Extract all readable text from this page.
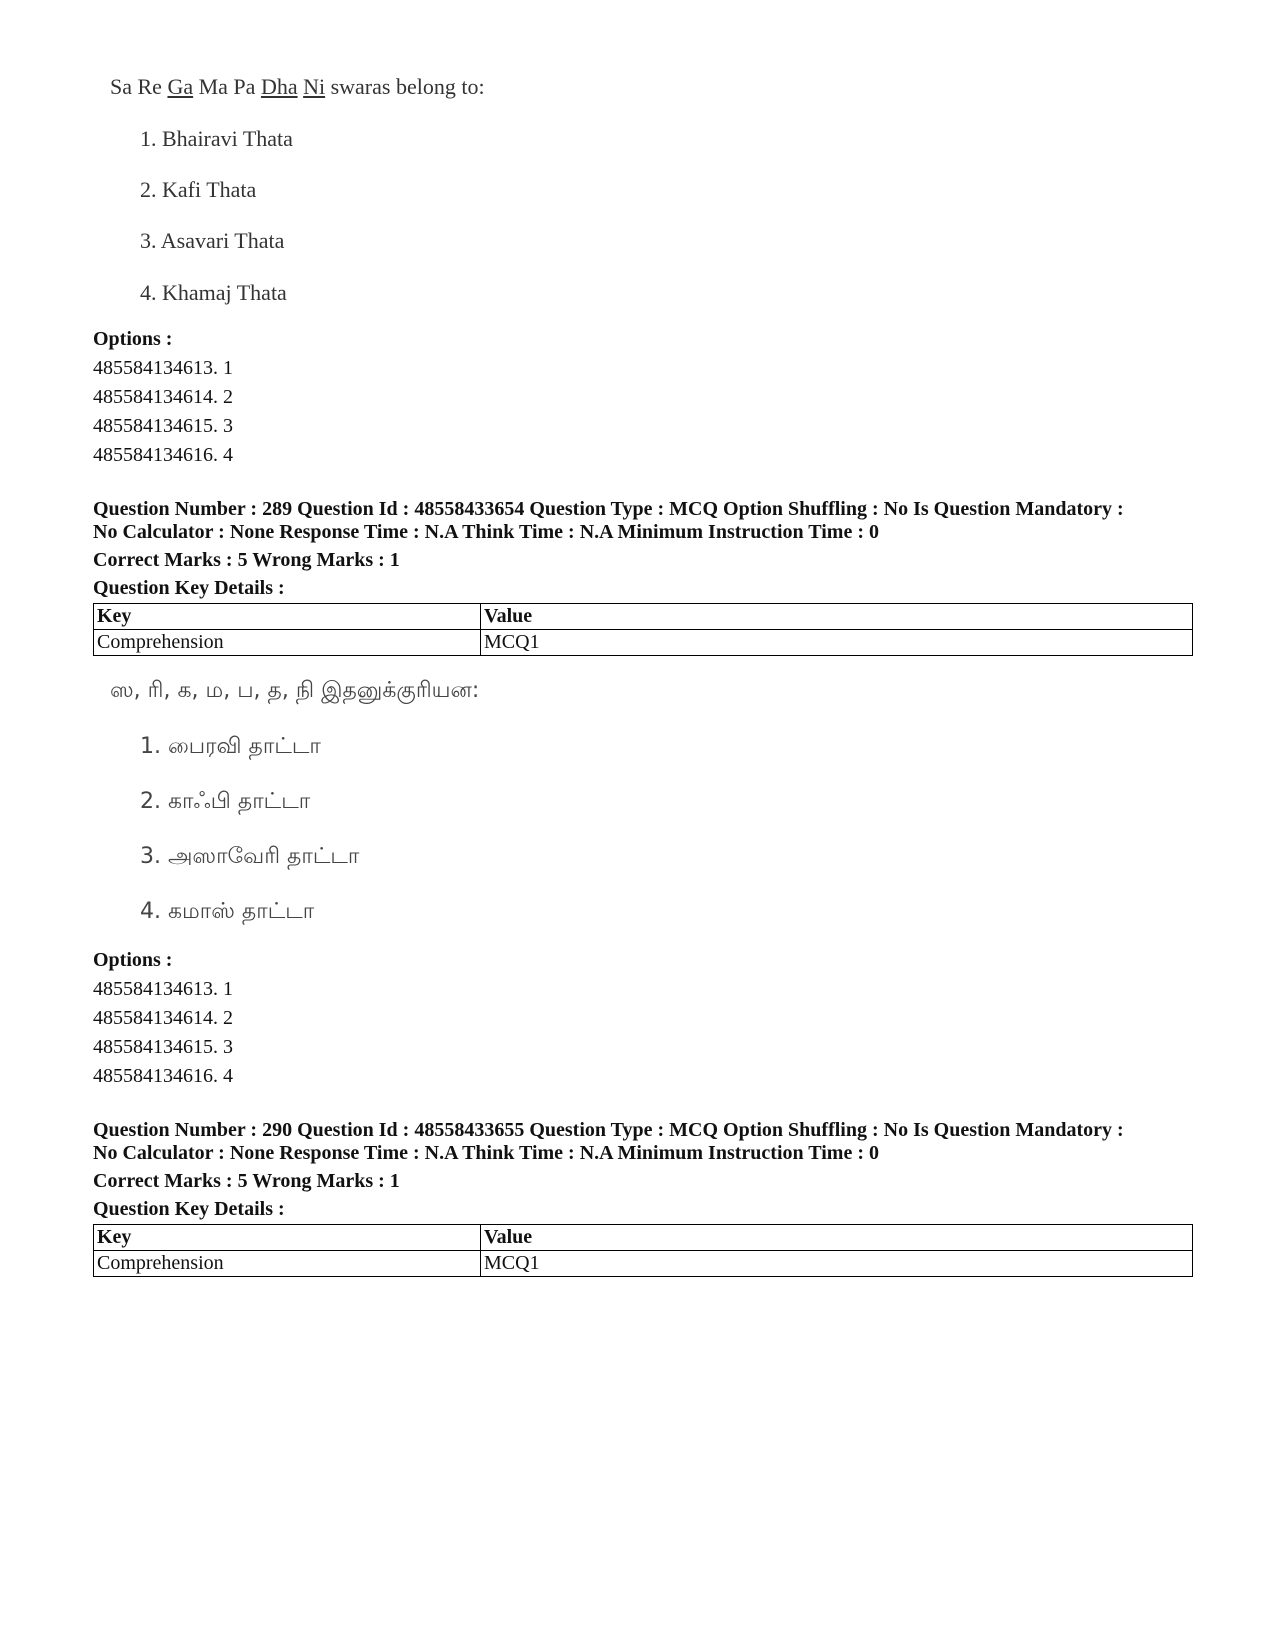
Sa Re Ga Ma Pa Dha Ni swaras belong to:
1. Bhairavi Thata
2. Kafi Thata
3. Asavari Thata
4. Khamaj Thata
Options :
485584134613. 1
485584134614. 2
485584134615. 3
485584134616. 4
Question Number : 289 Question Id : 48558433654 Question Type : MCQ Option Shuffling : No Is Question Mandatory :
No Calculator : None Response Time : N.A Think Time : N.A Minimum Instruction Time : 0
Correct Marks : 5 Wrong Marks : 1
Question Key Details :
Key	Value
Comprehension	MCQ1
ஸ, ரி, க, ம, ப, த, நி இதனுக்குரியன:
1. பைரவி தாட்டா
2. காஃபி தாட்டா
3. அஸாவேரி தாட்டா
4. கமாஸ் தாட்டா
Options :
485584134613. 1
485584134614. 2
485584134615. 3
485584134616. 4
Question Number : 290 Question Id : 48558433655 Question Type : MCQ Option Shuffling : No Is Question Mandatory :
No Calculator : None Response Time : N.A Think Time : N.A Minimum Instruction Time : 0
Correct Marks : 5 Wrong Marks : 1
Question Key Details :
Key	Value
Comprehension	MCQ1
